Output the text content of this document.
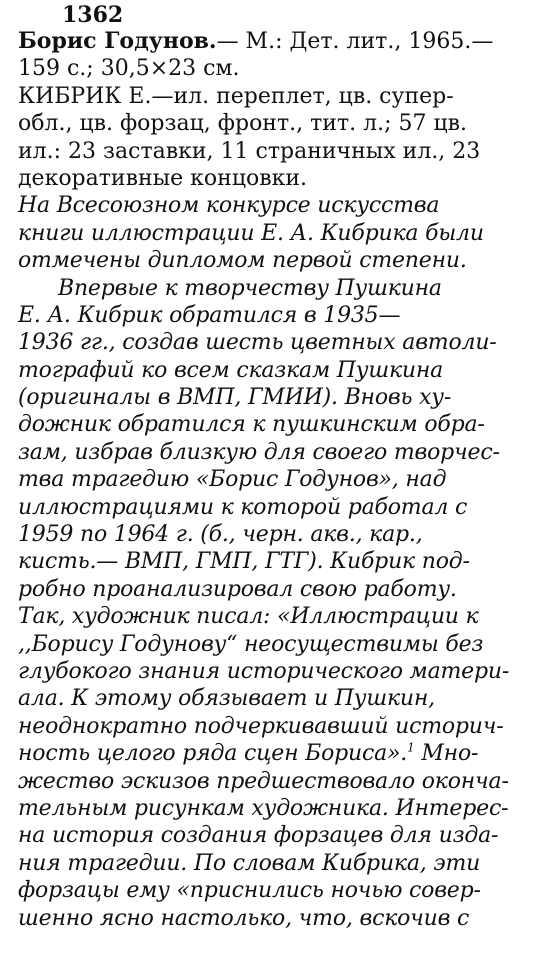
1362
Борис Годунов.— М.: Дет. лит., 1965.—
159 с.; 30,5×23 см.
КИБРИК Е.—ил. переплет, цв. супер-
обл., цв. форзац, фронт., тит. л.; 57 цв.
ил.: 23 заставки, 11 страничных ил., 23
декоративные концовки.
На Всесоюзном конкурсе искусства
книги иллюстрации Е. А. Кибрика были
отмечены дипломом первой степени.
Впервые к творчеству Пушкина
Е. А. Кибрик обратился в 1935—
1936 гг., создав шесть цветных автоли-
тографий ко всем сказкам Пушкина
(оригиналы в ВМП, ГМИИ). Вновь ху-
дожник обратился к пушкинским обра-
зам, избрав близкую для своего творчес-
тва трагедию «Борис Годунов», над
иллюстрациями к которой работал с
1959 по 1964 г. (б., черн. акв., кар.,
кисть.— ВМП, ГМП, ГТГ). Кибрик под-
робно проанализировал свою работу.
Так, художник писал: «Иллюстрации к
,,Борису Годунову“ неосуществимы без
глубокого знания исторического матери-
ала. К этому обязывает и Пушкин,
неоднократно подчеркивавший историч-
ность целого ряда сцен Бориса».$^1$ Мно-
жество эскизов предшествовало оконча-
тельным рисункам художника. Интерес-
на история создания форзацев для изда-
ния трагедии. По словам Кибрика, эти
форзацы ему «приснились ночью совер-
шенно ясно настолько, что, вскочив с
